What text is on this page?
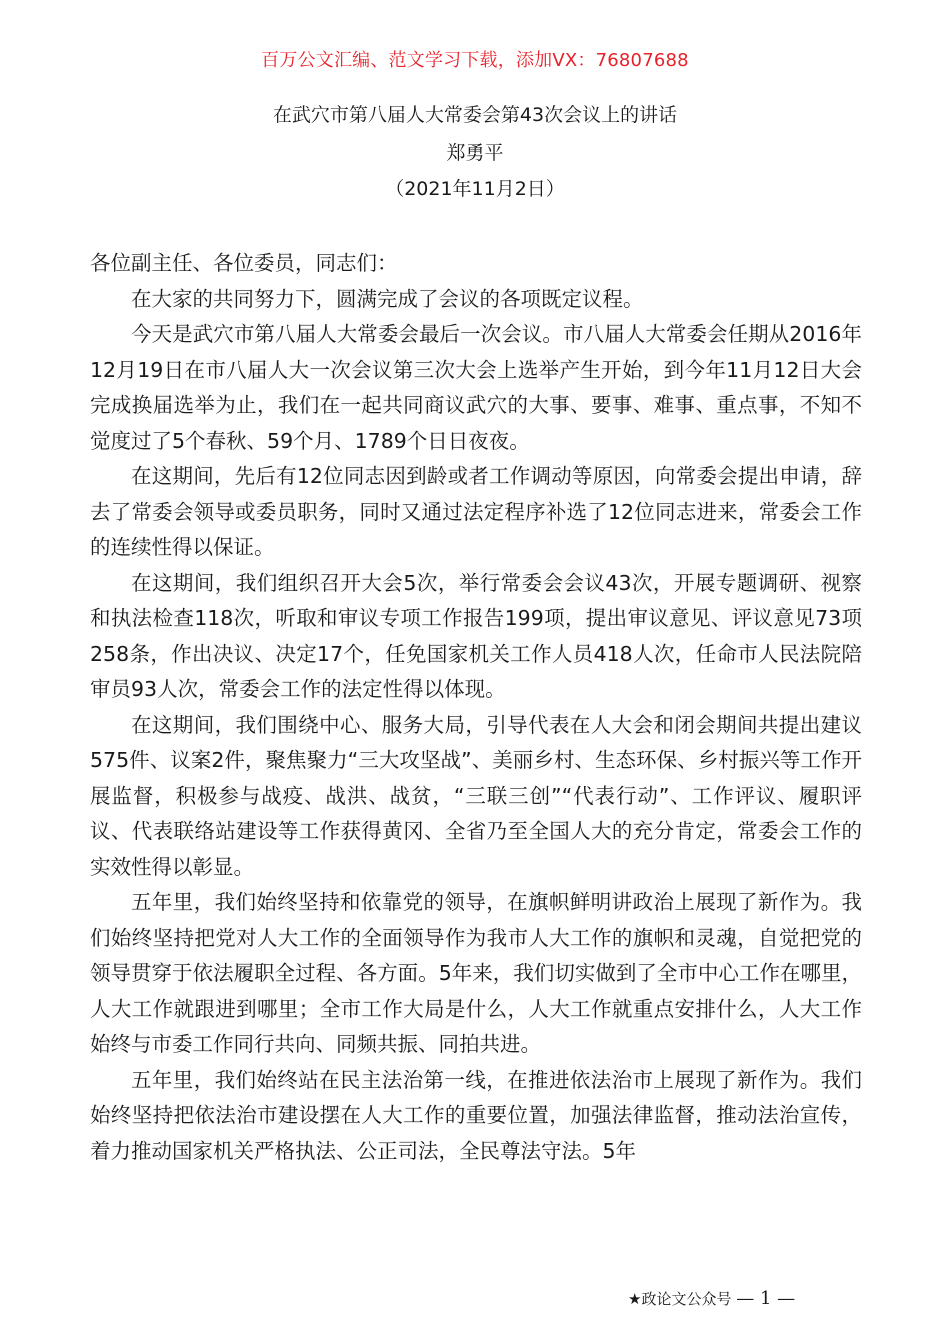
百万公文汇编、范文学习下载，添加VX：76807688
在武穴市第八届人大常委会第43次会议上的讲话
郑勇平
（2021年11月2日）

各位副主任、各位委员，同志们：

在大家的共同努力下，圆满完成了会议的各项既定议程。

今天是武穴市第八届人大常委会最后一次会议。市八届人大常委会任期从2016年12月19日在市八届人大一次会议第三次大会上选举产生开始，到今年11月12日大会完成换届选举为止，我们在一起共同商议武穴的大事、要事、难事、重点事，不知不觉度过了5个春秋、59个月、1789个日日夜夜。

在这期间，先后有12位同志因到龄或者工作调动等原因，向常委会提出申请，辞去了常委会领导或委员职务，同时又通过法定程序补选了12位同志进来，常委会工作的连续性得以保证。

在这期间，我们组织召开大会5次，举行常委会会议43次，开展专题调研、视察和执法检查118次，听取和审议专项工作报告199项，提出审议意见、评议意见73项258条，作出决议、决定17个，任免国家机关工作人员418人次，任命市人民法院陪审员93人次，常委会工作的法定性得以体现。

在这期间，我们围绕中心、服务大局，引导代表在人大会和闭会期间共提出建议575件、议案2件，聚焦聚力“三大攻坚战”、美丽乡村、生态环保、乡村振兴等工作开展监督，积极参与战疫、战洪、战贫，“三联三创”“代表行动”、工作评议、履职评议、代表联络站建设等工作获得黄冈、全省乃至全国人大的充分肯定，常委会工作的实效性得以彰显。

五年里，我们始终坚持和依靠党的领导，在旗帜鲜明讲政治上展现了新作为。我们始终坚持把党对人大工作的全面领导作为我市人大工作的旗帜和灵魂，自觉把党的领导贯穿于依法履职全过程、各方面。5年来，我们切实做到了全市中心工作在哪里，人大工作就跟进到哪里；全市工作大局是什么，人大工作就重点安排什么，人大工作始终与市委工作同行共向、同频共振、同拍共进。

五年里，我们始终站在民主法治第一线，在推进依法治市上展现了新作为。我们始终坚持把依法治市建设摆在人大工作的重要位置，加强法律监督，推动法治宣传，着力推动国家机关严格执法、公正司法，全民尊法守法。5年

★政论文公众号 — 1 —
